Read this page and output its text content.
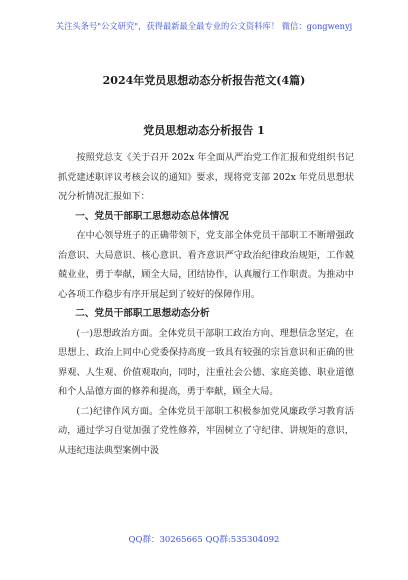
关注头条号"公文研究"，获得最新最全最专业的公文资料库！ 微信：gongwenyj
2024年党员思想动态分析报告范文(4篇)
党员思想动态分析报告 1

按照党总支《关于召开 202x 年全面从严治党工作汇报和党组织书记抓党建述职评议考核会议的通知》要求，现将党支部 202x 年党员思想状况分析情况汇报如下：

一、党员干部职工思想动态总体情况

在中心领导班子的正确带领下，党支部全体党员干部职工不断增强政治意识、大局意识、核心意识、看齐意识严守政治纪律政治规矩，工作兢兢业业，勇于奉献，顾全大局，团结协作，认真履行工作职责。为推动中心各项工作稳步有序开展起到了较好的保障作用。

二、党员干部职工思想动态分析

(一)思想政治方面。全体党员干部职工政治方向、理想信念坚定，在思想上、政治上同中心党委保持高度一致具有较强的宗旨意识和正确的世界观、人生观、价值观取向，同时，注重社会公德、家庭美德、职业道德和个人品德方面的修养和提高，勇于奉献，顾全大局。

(二)纪律作风方面。全体党员干部职工积极参加党风廉政学习教育活动，通过学习自觉加强了党性修养，牢固树立了守纪律、讲规矩的意识，从违纪违法典型案例中汲

QQ群：30265665 QQ群:535304092
